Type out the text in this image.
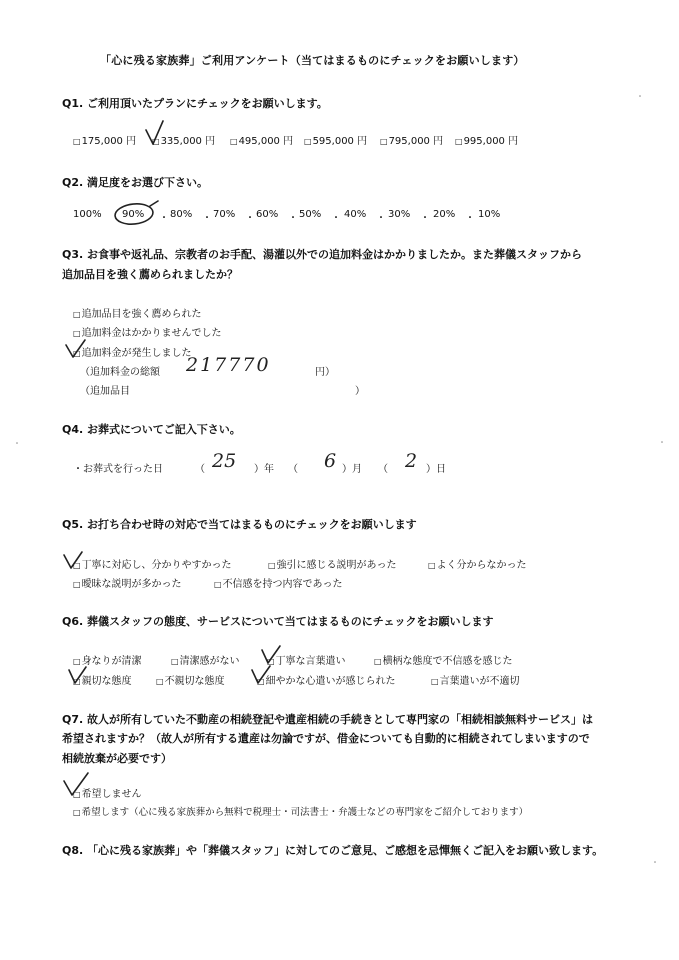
「心に残る家族葬」ご利用アンケート（当てはまるものにチェックをお願いします）
Q1. ご利用頂いたプランにチェックをお願いします。
□ 175,000 円	□ 335,000 円	□ 495,000 円	□ 595,000 円	□ 795,000 円	□ 995,000 円
Q2. 満足度をお選び下さい。
100% 90%	80% 70% 60% 50% 40% 30% 20% 10%
・	・	・	・	・	・	・	・
Q3. お食事や返礼品、宗教者のお手配、湯灌以外での追加料金はかかりましたか。また葬儀スタッフから
追加品目を強く薦められましたか？
□ 追加品目を強く薦められた
□ 追加料金はかかりませんでした
□ 追加料金が発生しました
（追加料金の総額 217770	円）
（追加品目	）
Q4. お葬式についてご記入下さい。
・お葬式を行った日	（ 25 ）年 （ 6 ）月 （ 2 ）日
Q5. お打ち合わせ時の対応で当てはまるものにチェックをお願いします
□ 丁寧に対応し、分かりやすかった	□ 強引に感じる説明があった	□ よく分からなかった
□ 曖昧な説明が多かった	□ 不信感を持つ内容であった
Q6. 葬儀スタッフの態度、サービスについて当てはまるものにチェックをお願いします
□ 身なりが清潔	□ 清潔感がない	□ 丁寧な言葉遣い	□ 横柄な態度で不信感を感じた
□ 親切な態度	□ 不親切な態度	□ 細やかな心遣いが感じられた	□ 言葉遣いが不適切
Q7. 故人が所有していた不動産の相続登記や遺産相続の手続きとして専門家の「相続相談無料サービス」は
希望されますか？（故人が所有する遺産は勿論ですが、借金についても自動的に相続されてしまいますので
相続放棄が必要です）
□ 希望しません
□ 希望します（心に残る家族葬から無料で税理士・司法書士・弁護士などの専門家をご紹介しております）
Q8. 「心に残る家族葬」や「葬儀スタッフ」に対してのご意見、ご感想を忌憚無くご記入をお願い致します。
